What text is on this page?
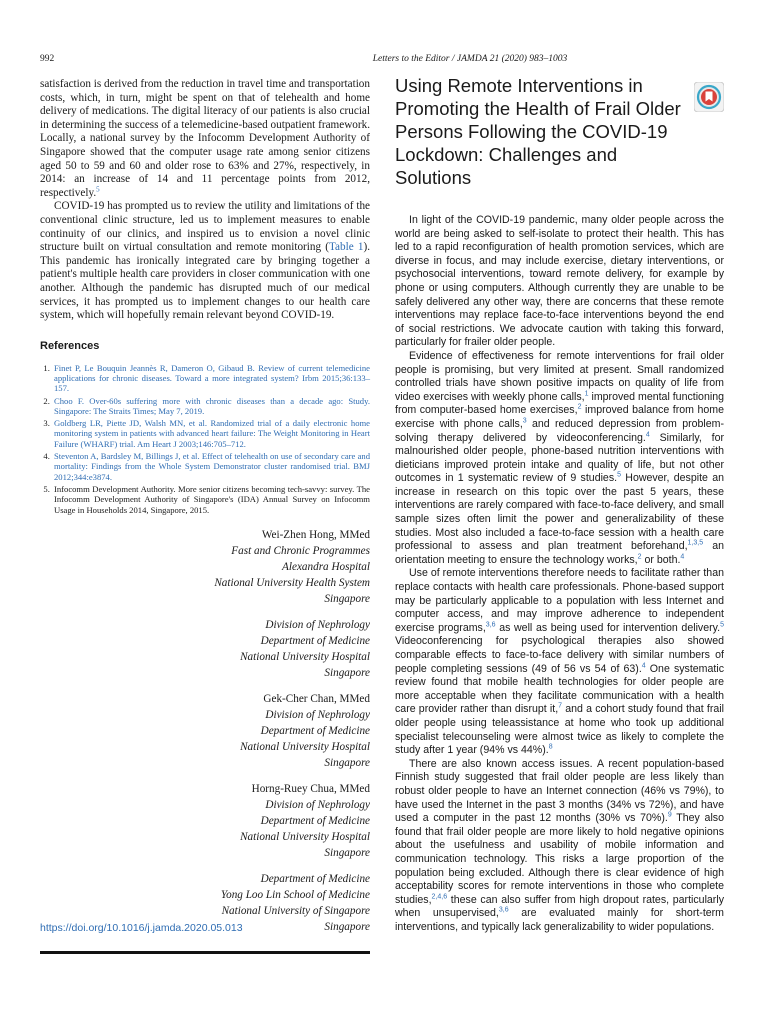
992	Letters to the Editor / JAMDA 21 (2020) 983–1003

satisfaction is derived from the reduction in travel time and transportation costs, which, in turn, might be spent on that of telehealth and home delivery of medications. The digital literacy of our patients is also crucial in determining the success of a telemedicine-based outpatient framework. Locally, a national survey by the Infocomm Development Authority of Singapore showed that the computer usage rate among senior citizens aged 50 to 59 and 60 and older rose to 63% and 27%, respectively, in 2014: an increase of 14 and 11 percentage points from 2012, respectively.$^5$

COVID-19 has prompted us to review the utility and limitations of the conventional clinic structure, led us to implement measures to enable continuity of our clinics, and inspired us to envision a novel clinic structure built on virtual consultation and remote monitoring (Table 1). This pandemic has ironically integrated care by bringing together a patient's multiple health care providers in closer communication with one another. Although the pandemic has disrupted much of our medical services, it has prompted us to implement changes to our health care system, which will hopefully remain relevant beyond COVID-19.

References
1. Finet P, Le Bouquin Jeannès R, Dameron O, Gibaud B. Review of current telemedicine applications for chronic diseases. Toward a more integrated system? Irbm 2015;36:133–157.
2. Choo F. Over-60s suffering more with chronic diseases than a decade ago: Study. Singapore: The Straits Times; May 7, 2019.
3. Goldberg LR, Piette JD, Walsh MN, et al. Randomized trial of a daily electronic home monitoring system in patients with advanced heart failure: The Weight Monitoring in Heart Failure (WHARF) trial. Am Heart J 2003;146:705–712.
4. Steventon A, Bardsley M, Billings J, et al. Effect of telehealth on use of secondary care and mortality: Findings from the Whole System Demonstrator cluster randomised trial. BMJ 2012;344:e3874.
5. Infocomm Development Authority. More senior citizens becoming tech-savvy: survey. The Infocomm Development Authority of Singapore's (IDA) Annual Survey on Infocomm Usage in Households 2014, Singapore, 2015.
Wei-Zhen Hong, MMed
Fast and Chronic Programmes
Alexandra Hospital
National University Health System
Singapore
Division of Nephrology
Department of Medicine
National University Hospital
Singapore
Gek-Cher Chan, MMed
Division of Nephrology
Department of Medicine
National University Hospital
Singapore
Horng-Ruey Chua, MMed
Division of Nephrology
Department of Medicine
National University Hospital
Singapore
Department of Medicine
Yong Loo Lin School of Medicine
National University of Singapore
Singapore
https://doi.org/10.1016/j.jamda.2020.05.013
Using Remote Interventions in Promoting the Health of Frail Older Persons Following the COVID-19 Lockdown: Challenges and Solutions

In light of the COVID-19 pandemic, many older people across the world are being asked to self-isolate to protect their health. This has led to a rapid reconfiguration of health promotion services, which are diverse in focus, and may include exercise, dietary interventions, or psychosocial interventions, toward remote delivery, for example by phone or using computers. Although currently they are unable to be safely delivered any other way, there are concerns that these remote interventions may replace face-to-face interventions beyond the end of social restrictions. We advocate caution with taking this forward, particularly for frailer older people.

Evidence of effectiveness for remote interventions for frail older people is promising, but very limited at present. Small randomized controlled trials have shown positive impacts on quality of life from video exercises with weekly phone calls,$^1$ improved mental functioning from computer-based home exercises,$^2$ improved balance from home exercise with phone calls,$^3$ and reduced depression from problem-solving therapy delivered by videoconferencing.$^4$ Similarly, for malnourished older people, phone-based nutrition interventions with dieticians improved protein intake and quality of life, but not other outcomes in 1 systematic review of 9 studies.$^5$ However, despite an increase in research on this topic over the past 5 years, these interventions are rarely compared with face-to-face delivery, and small sample sizes often limit the power and generalizability of these studies. Most also included a face-to-face session with a health care professional to assess and plan treatment beforehand,$^{1,3,5}$ an orientation meeting to ensure the technology works,$^2$ or both.$^4$

Use of remote interventions therefore needs to facilitate rather than replace contacts with health care professionals. Phone-based support may be particularly applicable to a population with less Internet and computer access, and may improve adherence to independent exercise programs,$^{3,6}$ as well as being used for intervention delivery.$^5$ Videoconferencing for psychological therapies also showed comparable effects to face-to-face delivery with similar numbers of people completing sessions (49 of 56 vs 54 of 63).$^4$ One systematic review found that mobile health technologies for older people are more acceptable when they facilitate communication with a health care provider rather than disrupt it,$^7$ and a cohort study found that frail older people using teleassistance at home who took up additional specialist telecounseling were almost twice as likely to complete the study after 1 year (94% vs 44%).$^8$

There are also known access issues. A recent population-based Finnish study suggested that frail older people are less likely than robust older people to have an Internet connection (46% vs 79%), to have used the Internet in the past 3 months (34% vs 72%), and have used a computer in the past 12 months (30% vs 70%).$^9$ They also found that frail older people are more likely to hold negative opinions about the usefulness and usability of mobile information and communication technology. This risks a large proportion of the population being excluded. Although there is clear evidence of high acceptability scores for remote interventions in those who complete studies,$^{2,4,6}$ these can also suffer from high dropout rates, particularly when unsupervised,$^{3,6}$ are evaluated mainly for short-term interventions, and typically lack generalizability to wider populations.
